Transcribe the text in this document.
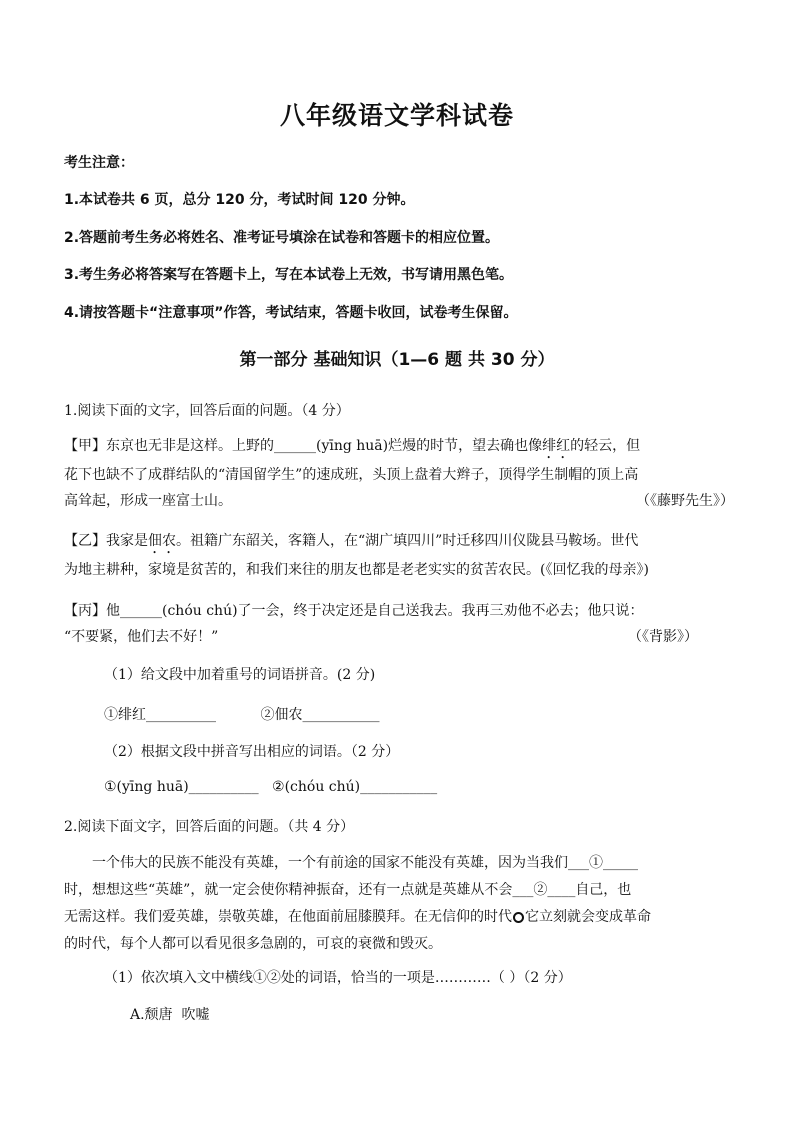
八年级语文学科试卷
考生注意：
1.本试卷共 6 页，总分 120 分，考试时间 120 分钟。
2.答题前考生务必将姓名、准考证号填涂在试卷和答题卡的相应位置。
3.考生务必将答案写在答题卡上，写在本试卷上无效，书写请用黑色笔。
4.请按答题卡“注意事项”作答，考试结束，答题卡收回，试卷考生保留。
第一部分 基础知识（1—6 题 共 30 分）
1.阅读下面的文字，回答后面的问题。（4 分）
【甲】东京也无非是这样。上野的______(yīng huā)烂熳的时节，望去确也像绯红的轻云，但
花下也缺不了成群结队的“清国留学生”的速成班，头顶上盘着大辫子，顶得学生制帽的顶上高
高耸起，形成一座富士山。	（《藤野先生》）
【乙】我家是佃农。祖籍广东韶关，客籍人，在“湖广填四川”时迁移四川仪陇县马鞍场。世代
为地主耕种，家境是贫苦的，和我们来往的朋友也都是老老实实的贫苦农民。(《回忆我的母亲》)
【丙】他______(chóu chú)了一会，终于决定还是自己送我去。我再三劝他不必去；他只说：
“不要紧，他们去不好！”	（《背影》）
（1）给文段中加着重号的词语拼音。(2 分)
①绯红__________          ②佃农___________
（2）根据文段中拼音写出相应的词语。（2 分）
①(yīng huā)__________   ②(chóu chú)___________
2.阅读下面文字，回答后面的问题。（共 4 分）
一个伟大的民族不能没有英雄，一个有前途的国家不能没有英雄，因为当我们___①_____
时，想想这些“英雄”，就一定会使你精神振奋，还有一点就是英雄从不会___②____自己，也
无需这样。我们爱英雄，崇敬英雄，在他面前屈膝膜拜。在无信仰的时代○它立刻就会变成革命
的时代，每个人都可以看见很多急剧的，可哀的衰微和毁灭。
（1）依次填入文中横线①②处的词语，恰当的一项是…………（ ）（2 分）
A.颓唐  吹嘘
